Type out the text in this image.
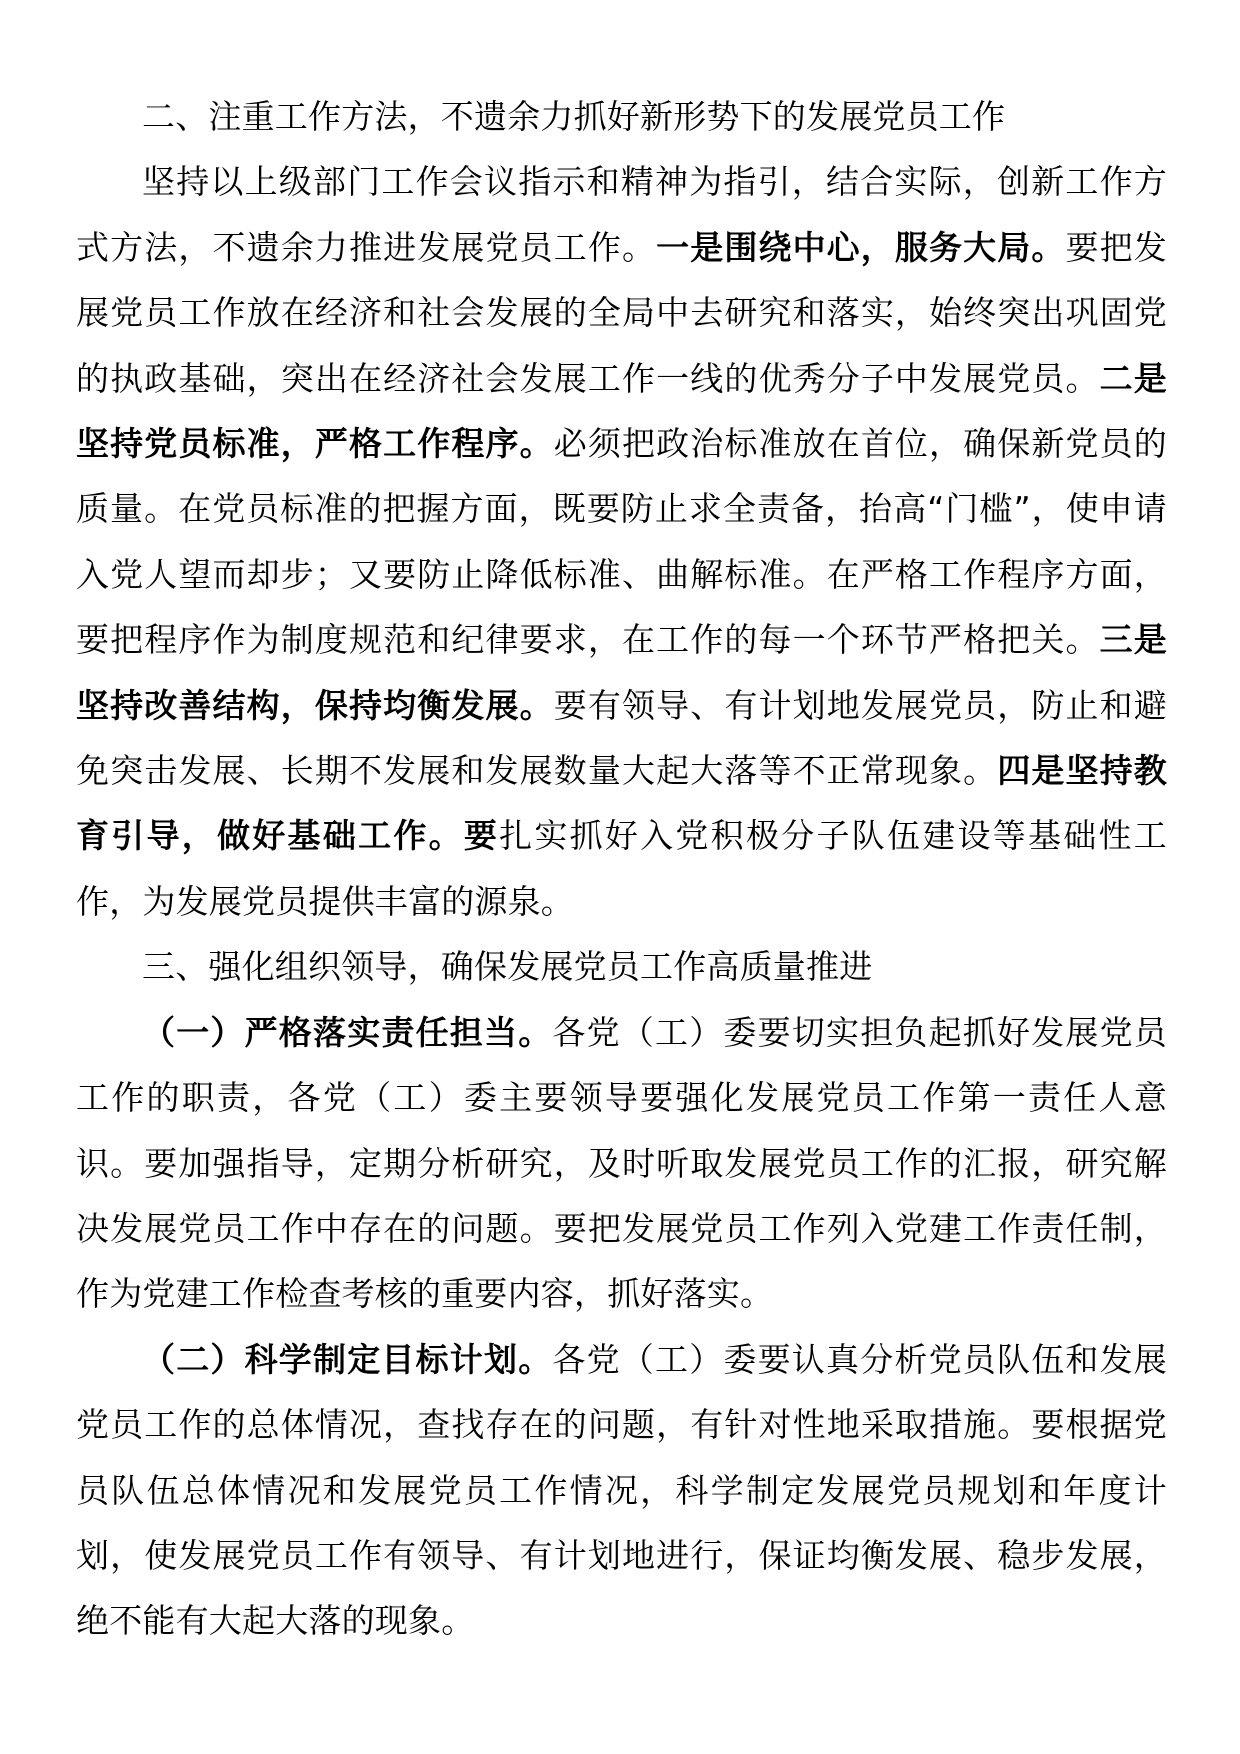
二、注重工作方法，不遗余力抓好新形势下的发展党员工作

坚持以上级部门工作会议指示和精神为指引，结合实际，创新工作方式方法，不遗余力推进发展党员工作。一是围绕中心，服务大局。要把发展党员工作放在经济和社会发展的全局中去研究和落实，始终突出巩固党的执政基础，突出在经济社会发展工作一线的优秀分子中发展党员。二是坚持党员标准，严格工作程序。必须把政治标准放在首位，确保新党员的质量。在党员标准的把握方面，既要防止求全责备，抬高“门槛”，使申请入党人望而却步；又要防止降低标准、曲解标准。在严格工作程序方面，要把程序作为制度规范和纪律要求，在工作的每一个环节严格把关。三是坚持改善结构，保持均衡发展。要有领导、有计划地发展党员，防止和避免突击发展、长期不发展和发展数量大起大落等不正常现象。四是坚持教育引导，做好基础工作。要扎实抓好入党积极分子队伍建设等基础性工作，为发展党员提供丰富的源泉。

三、强化组织领导，确保发展党员工作高质量推进

（一）严格落实责任担当。各党（工）委要切实担负起抓好发展党员工作的职责，各党（工）委主要领导要强化发展党员工作第一责任人意识。要加强指导，定期分析研究，及时听取发展党员工作的汇报，研究解决发展党员工作中存在的问题。要把发展党员工作列入党建工作责任制，作为党建工作检查考核的重要内容，抓好落实。

（二）科学制定目标计划。各党（工）委要认真分析党员队伍和发展党员工作的总体情况，查找存在的问题，有针对性地采取措施。要根据党员队伍总体情况和发展党员工作情况，科学制定发展党员规划和年度计划，使发展党员工作有领导、有计划地进行，保证均衡发展、稳步发展，绝不能有大起大落的现象。
